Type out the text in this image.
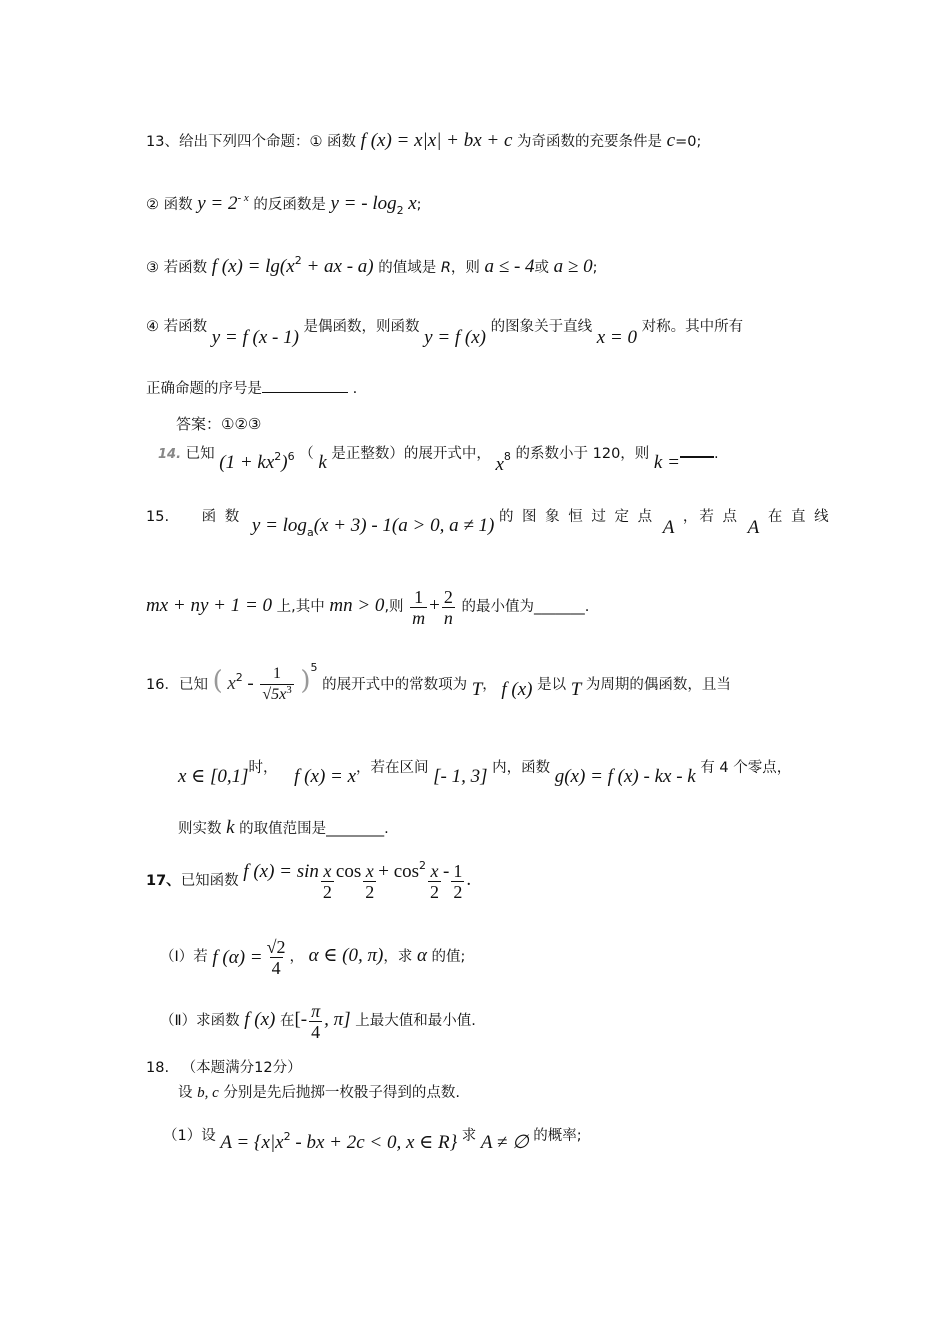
13、给出下列四个命题：① 函数 f (x) = x|x| + bx + c 为奇函数的充要条件是 c=0;
② 函数 $y = 2^{- x}$ 的反函数是 y = - $\log_2 x$;
③ 若函数 f $(x) = \lg(x^2$ + ax - a) 的值域是 R，则 a ≤ - 4或 a ≥ 0;
④ 若函数 y = f (x - 1) 是偶函数，则函数 y = f (x) 的图象关于直线 x = 0 对称。其中所有
正确命题的序号是	.
答案：①②③
14. 已知 (1 + kx2)6 （ k 是正整数）的展开式中， x8 的系数小于 120，则 k = .
15. 函 数 $y = \log_a(x + 3) - 1(a > 0$, a ≠ 1) 的 图 象 恒 过 定 点 A ，若 点 A 在 直 线
mx + ny + 1 = 0 上,其中 mn > 0,则 $\frac{1}{m} + \frac{2}{n}$ 的最小值为_______.
16．已知 ( $x^2 - \frac{1}{√5x^3} )^5$ 的展开式中的常数项为 T， f (x) 是以 T 为周期的偶函数，且当
x ∈ [0,1]时， f (x) = x，若在区间 [- 1, 3] 内，函数 g(x) = f (x) - kx - k 有 4 个零点，
则实数 k 的取值范围是________.
17、已知函数 f $(x) = \sin \frac{x}{2}$ $\cos \frac{x}{2} + \cos^2 \frac{x}{2} - \frac{1}{2}$ .
（Ⅰ）若 f $(\alpha) = \frac{√2}{4}$ ， α ∈ (0, π)，求 α 的值;
（Ⅱ）求函数 f (x) 在[- $\frac{\pi}{4}$ , π] 上最大值和最小值.
18. （本题满分12分）
设 b, c 分别是先后抛掷一枚骰子得到的点数.
（1）设 A = {x|x2 - bx + 2c < 0, x ∈ R} 求 A ≠ ∅ 的概率;
